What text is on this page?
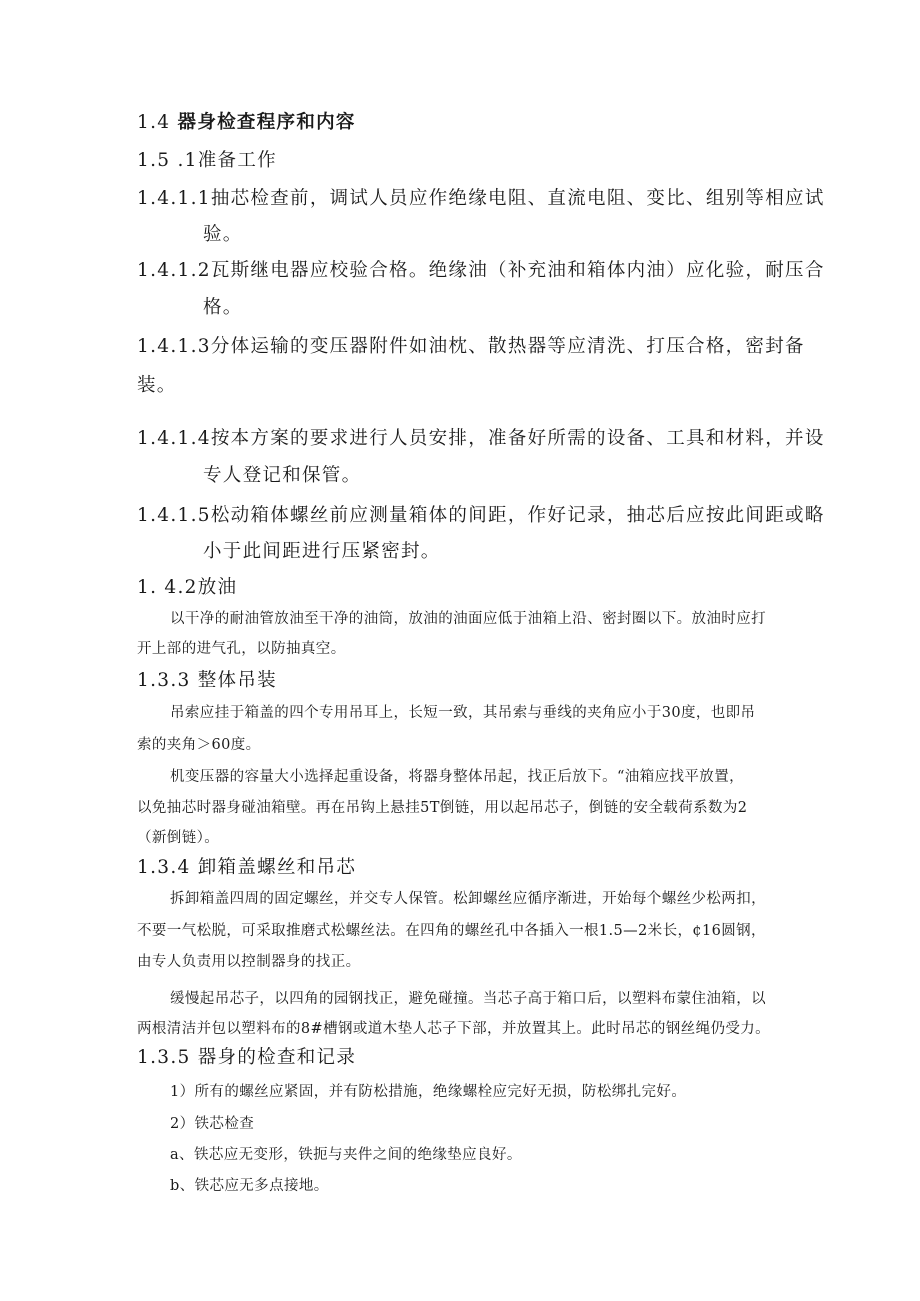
1.4 器身检查程序和内容
1.5 .1准备工作
1.4.1.1抽芯检查前，调试人员应作绝缘电阻、直流电阻、变比、组别等相应试
验。
1.4.1.2瓦斯继电器应校验合格。绝缘油（补充油和箱体内油）应化验，耐压合
格。
1.4.1.3分体运输的变压器附件如油枕、散热器等应清洗、打压合格，密封备
装。
1.4.1.4按本方案的要求进行人员安排，准备好所需的设备、工具和材料，并设
专人登记和保管。
1.4.1.5松动箱体螺丝前应测量箱体的间距，作好记录，抽芯后应按此间距或略
小于此间距进行压紧密封。
1. 4.2放油
以干净的耐油管放油至干净的油筒，放油的油面应低于油箱上沿、密封圈以下。放油时应打
开上部的进气孔，以防抽真空。
1.3.3 整体吊装
吊索应挂于箱盖的四个专用吊耳上，长短一致，其吊索与垂线的夹角应小于30度，也即吊
索的夹角＞60度。
机变压器的容量大小选择起重设备，将器身整体吊起，找正后放下。“油箱应找平放置，
以免抽芯时器身碰油箱壁。再在吊钩上悬挂5T倒链，用以起吊芯子，倒链的安全载荷系数为2
（新倒链）。
1.3.4 卸箱盖螺丝和吊芯
拆卸箱盖四周的固定螺丝，并交专人保管。松卸螺丝应循序渐进，开始每个螺丝少松两扣，
不要一气松脱，可采取推磨式松螺丝法。在四角的螺丝孔中各插入一根1.5—2米长，¢16圆钢，
由专人负责用以控制器身的找正。
缓慢起吊芯子，以四角的园钢找正，避免碰撞。当芯子高于箱口后，以塑料布蒙住油箱，以
两根清洁并包以塑料布的8#槽钢或道木垫人芯子下部，并放置其上。此时吊芯的钢丝绳仍受力。
1.3.5 器身的检查和记录
1）所有的螺丝应紧固，并有防松措施，绝缘螺栓应完好无损，防松绑扎完好。
2）铁芯检查
a、铁芯应无变形，铁扼与夹件之间的绝缘垫应良好。
b、铁芯应无多点接地。
